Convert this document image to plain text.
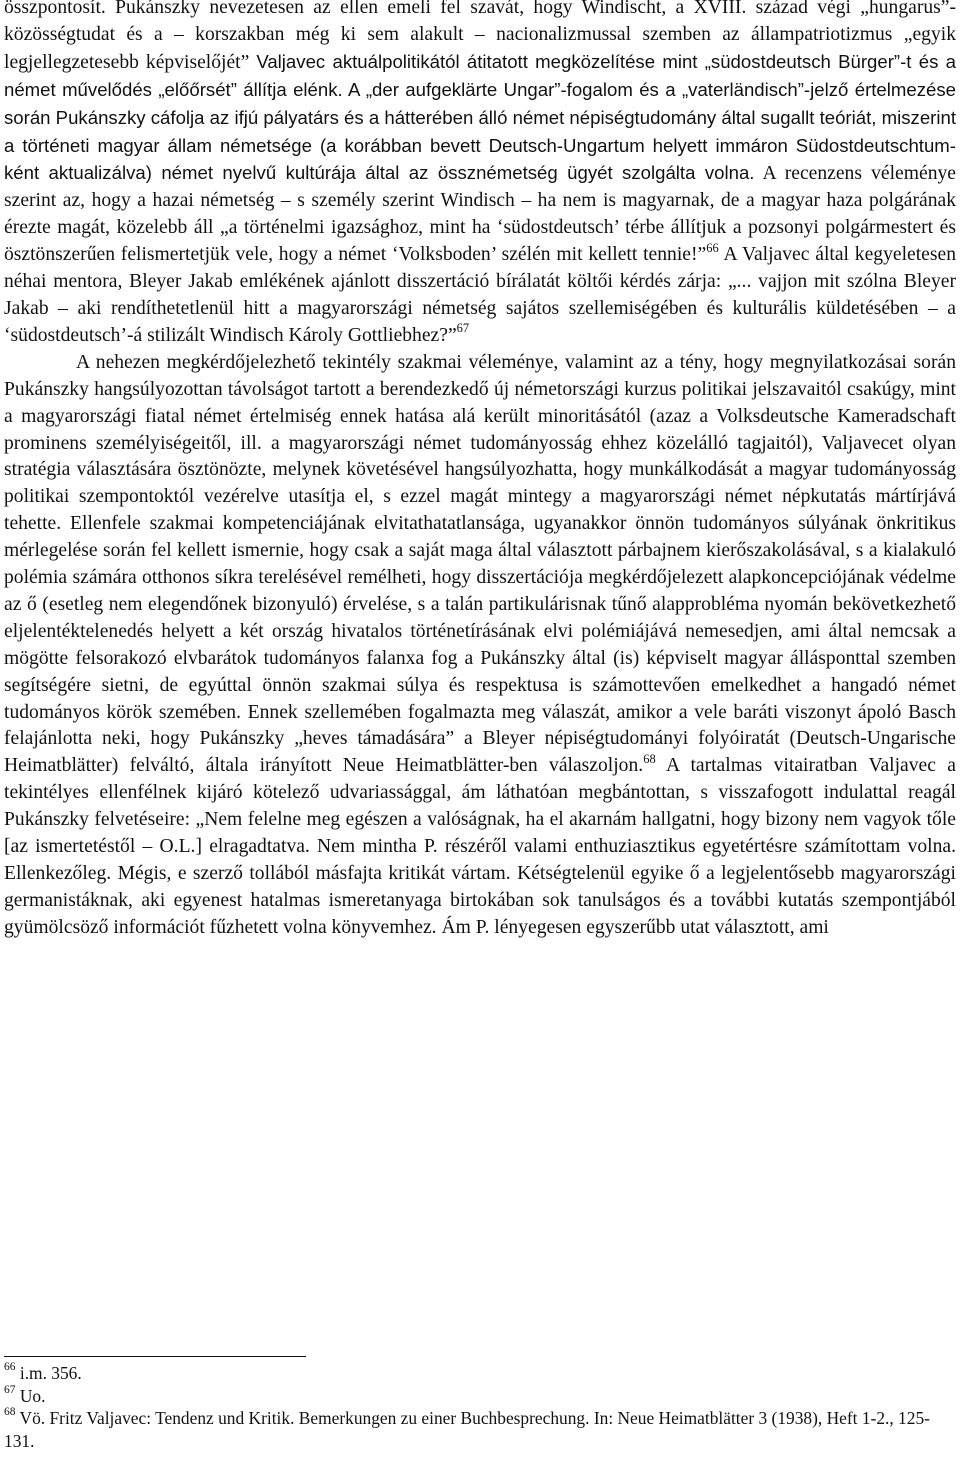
összpontosít. Pukánszky nevezetesen az ellen emeli fel szavát, hogy Windischt, a XVIII. század végi „hungarus”-közösségtudat és a – korszakban még ki sem alakult – nacionalizmussal szemben az állampatriotizmus „egyik legjellegzetesebb képviselőjét” Valjavec aktuálpolitikától átitatott megközelítése mint „südostdeutsch Bürger”-t és a német művelődés „előőrsét” állítja elénk. A „der aufgeklärte Ungar”-fogalom és a „vaterländisch”-jelző értelmezése során Pukánszky cáfolja az ifjú pályatárs és a hátterében álló német népiségtudomány által sugallt teóriát, miszerint a történeti magyar állam németsége (a korábban bevett Deutsch-Ungartum helyett immáron Südostdeutschtum-ként aktualizálva) német nyelvű kultúrája által az össznémetség ügyét szolgálta volna. A recenzens véleménye szerint az, hogy a hazai németség – s személy szerint Windisch – ha nem is magyarnak, de a magyar haza polgárának érezte magát, közelebb áll „a történelmi igazsághoz, mint ha ‘südostdeutsch’ térbe állítjuk a pozsonyi polgármestert és ösztönszerűen felismertetjük vele, hogy a német ‘Volksboden’ szélén mit kellett tennie!”$^{66}$ A Valjavec által kegyeletesen néhai mentora, Bleyer Jakab emlékének ajánlott disszertáció bírálatát költői kérdés zárja: „... vajjon mit szólna Bleyer Jakab – aki rendíthetetlenül hitt a magyarországi németség sajátos szellemiségében és kulturális küldetésében – a ‘südostdeutsch’-á stilizált Windisch Károly Gottliebhez?”$^{67}$

A nehezen megkérdőjelezhető tekintély szakmai véleménye, valamint az a tény, hogy megnyilatkozásai során Pukánszky hangsúlyozottan távolságot tartott a berendezkedő új németországi kurzus politikai jelszavaitól csakúgy, mint a magyarországi fiatal német értelmiség ennek hatása alá került minoritásától (azaz a Volksdeutsche Kameradschaft prominens személyiségeitől, ill. a magyarországi német tudományosság ehhez közelálló tagjaitól), Valjavecet olyan stratégia választására ösztönözte, melynek követésével hangsúlyozhatta, hogy munkálkodását a magyar tudományosság politikai szempontoktól vezérelve utasítja el, s ezzel magát mintegy a magyarországi német népkutatás mártírjává tehette. Ellenfele szakmai kompetenciájának elvitathatatlansága, ugyanakkor önnön tudományos súlyának önkritikus mérlegelése során fel kellett ismernie, hogy csak a saját maga által választott párbajnem kierőszakolásával, s a kialakuló polémia számára otthonos síkra terelésével remélheti, hogy disszertációja megkérdőjelezett alapkoncepciójának védelme az ő (esetleg nem elegendőnek bizonyuló) érvelése, s a talán partikulárisnak tűnő alapprobléma nyomán bekövetkezhető eljelentéktelenedés helyett a két ország hivatalos történetírásának elvi polémiájává nemesedjen, ami által nemcsak a mögötte felsorakozó elvbarátok tudományos falanxa fog a Pukánszky által (is) képviselt magyar állásponttal szemben segítségére sietni, de egyúttal önnön szakmai súlya és respektusa is számottevően emelkedhet a hangadó német tudományos körök szemében. Ennek szellemében fogalmazta meg válaszát, amikor a vele baráti viszonyt ápoló Basch felajánlotta neki, hogy Pukánszky „heves támadására” a Bleyer népiségtudományi folyóiratát (Deutsch-Ungarische Heimatblätter) felváltó, általa irányított Neue Heimatblätter-ben válaszoljon.$^{68}$ A tartalmas vitairatban Valjavec a tekintélyes ellenfélnek kijáró kötelező udvariassággal, ám láthatóan megbántottan, s visszafogott indulattal reagál Pukánszky felvetéseire: „Nem felelne meg egészen a valóságnak, ha el akarnám hallgatni, hogy bizony nem vagyok tőle [az ismertetéstől – O.L.] elragadtatva. Nem mintha P. részéről valami enthuziasztikus egyetértésre számítottam volna. Ellenkezőleg. Mégis, e szerző tollából másfajta kritikát vártam. Kétségtelenül egyike ő a legjelentősebb magyarországi germanistáknak, aki egyenest hatalmas ismeretanyaga birtokában sok tanulságos és a további kutatás szempontjából gyümölcsöző információt fűzhetett volna könyvemhez. Ám P. lényegesen egyszerűbb utat választott, ami

$^{66}$ i.m. 356.

$^{67}$ Uo.

$^{68}$ Vö. Fritz Valjavec: Tendenz und Kritik. Bemerkungen zu einer Buchbesprechung. In: Neue Heimatblätter 3 (1938), Heft 1-2., 125-131.
